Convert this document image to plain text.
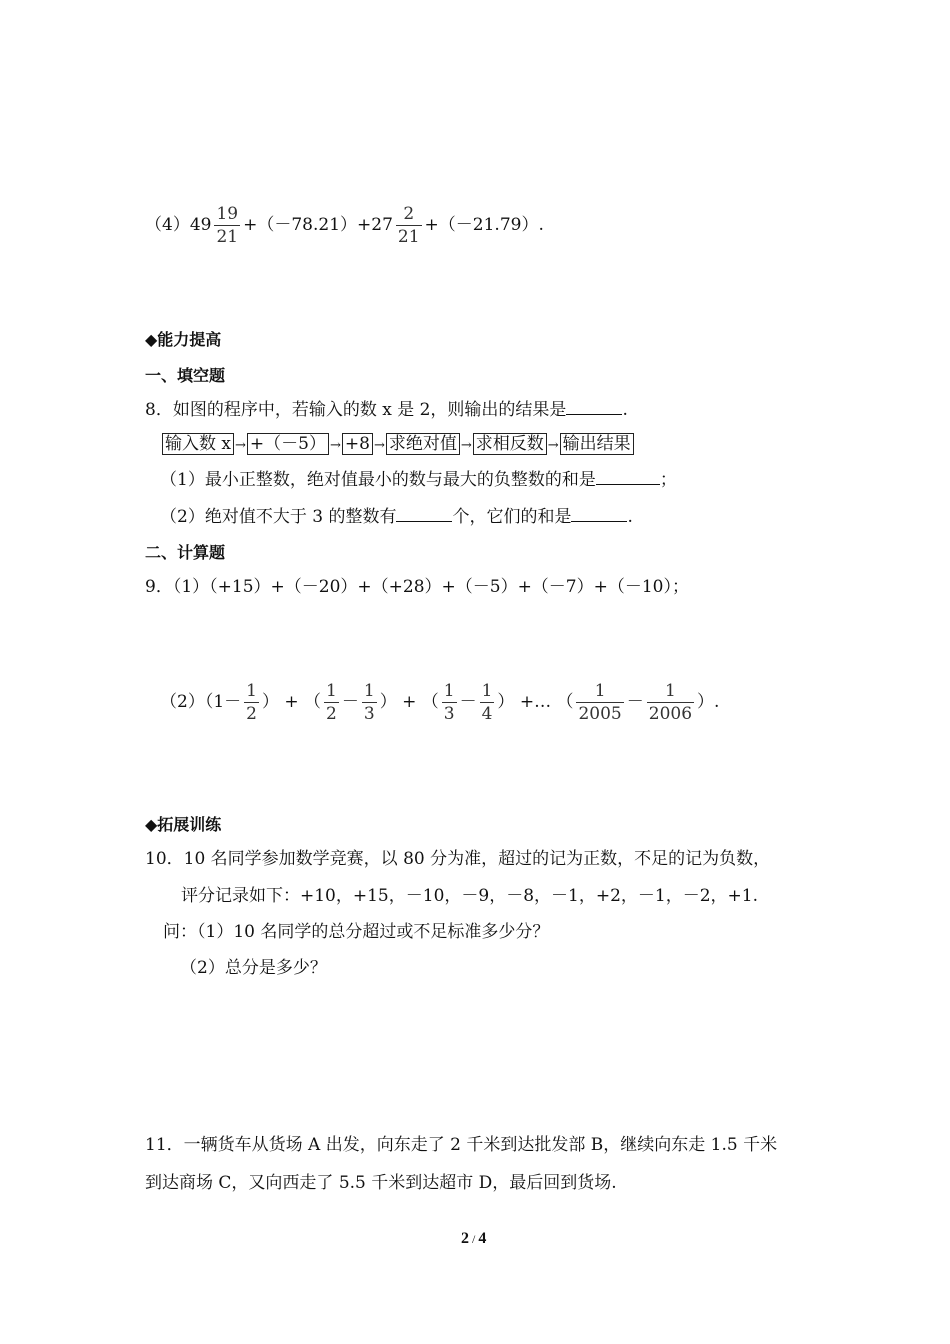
$(4)49 \frac{19}{21} +(-78.21)+27 \frac{2}{21} +(-21.79)$.
◆能力提高
一、填空题
8．如图的程序中，若输入的数 x 是 2，则输出的结果是	.
输入数 x → +（－5） → +8 → 求绝对值 → 求相反数 → 输出结果
（1）最小正整数，绝对值最小的数与最大的负整数的和是	；
（2）绝对值不大于 3 的整数有	个，它们的和是	.
二、计算题
9．（1）（+15）+（－20）+（+28）+（－5）+（－7）+（－10）；
$(2)(1- \frac{1}{2}$ ） + （ $\frac{1}{2} - \frac{1}{3}$ ） + （ $\frac{1}{3} - \frac{1}{4}$ ） +… （ $\frac{1}{2005} - \frac{1}{2006}$ ）.
◆拓展训练
10．10 名同学参加数学竞赛，以 80 分为准，超过的记为正数，不足的记为负数，
评分记录如下：+10，+15，－10，－9，－8，－1，+2，－1，－2，+1.
问：（1）10 名同学的总分超过或不足标准多少分？
（2）总分是多少？
11．一辆货车从货场 A 出发，向东走了 2 千米到达批发部 B，继续向东走 1.5 千米
到达商场 C，又向西走了 5.5 千米到达超市 D，最后回到货场.
2 / 4
